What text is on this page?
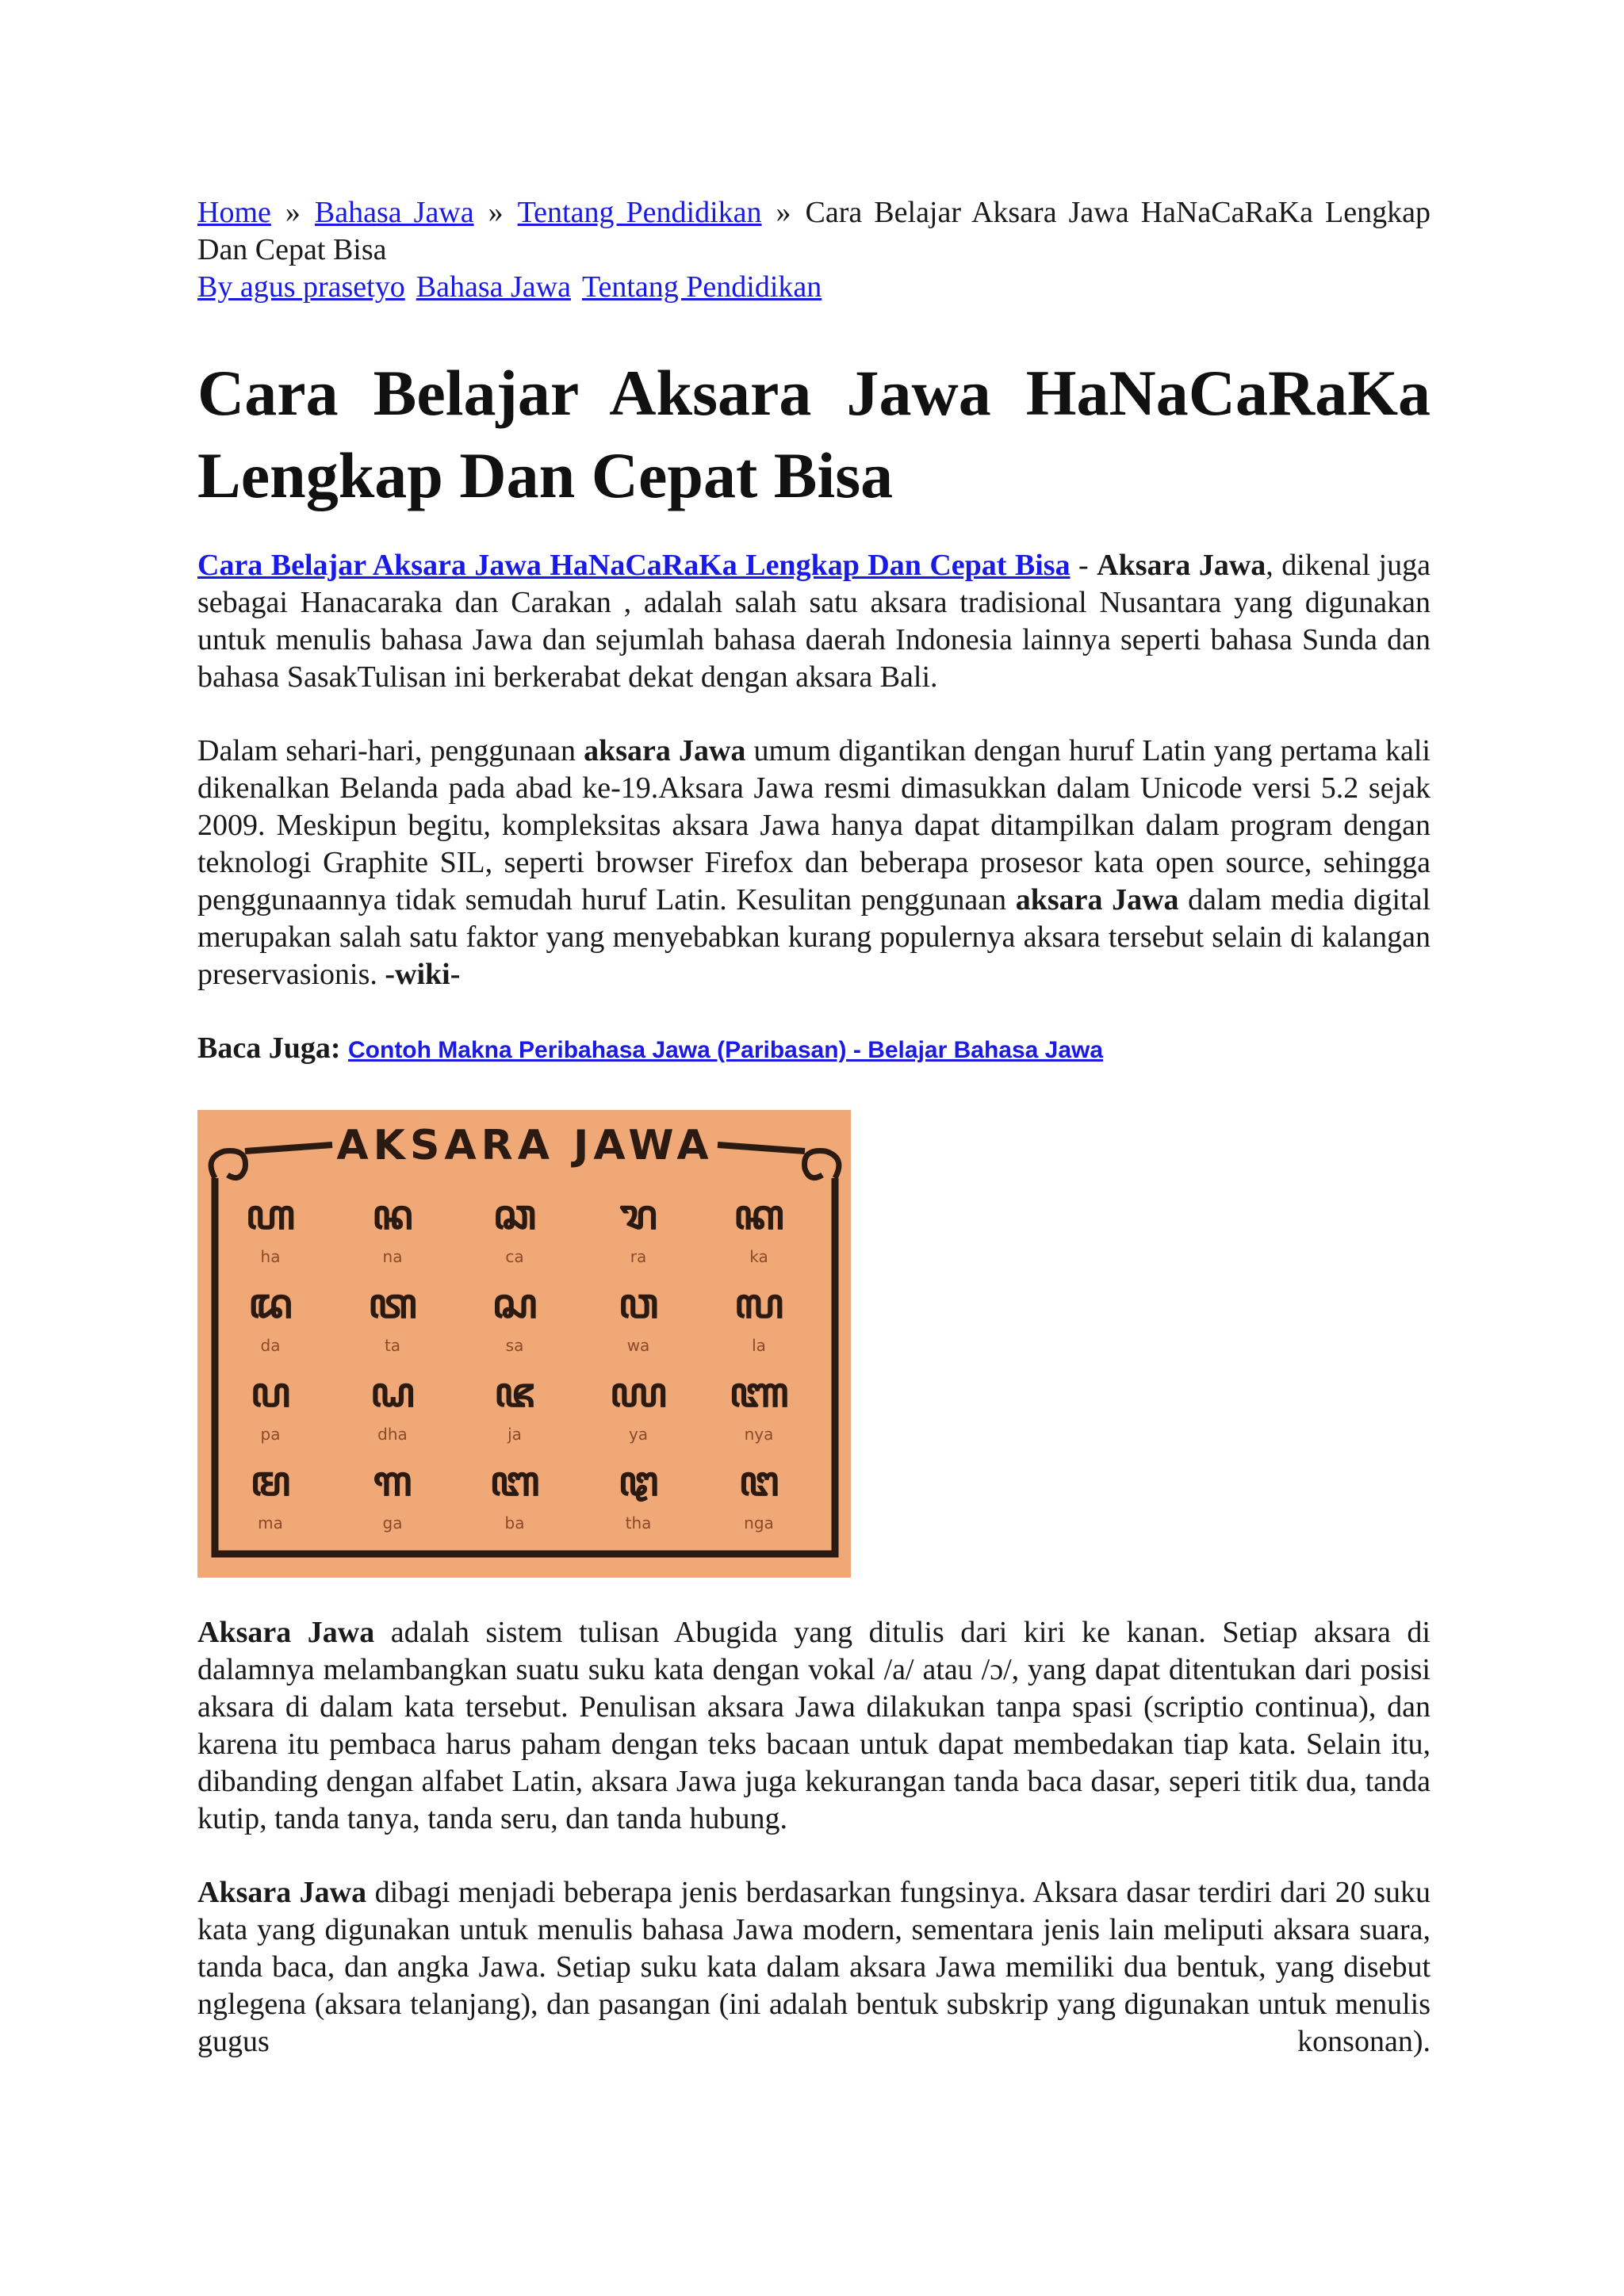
Home » Bahasa Jawa » Tentang Pendidikan » Cara Belajar Aksara Jawa HaNaCaRaKa Lengkap Dan Cepat Bisa
By agus prasetyo Bahasa Jawa Tentang Pendidikan
Cara Belajar Aksara Jawa HaNaCaRaKa Lengkap Dan Cepat Bisa

Cara Belajar Aksara Jawa HaNaCaRaKa Lengkap Dan Cepat Bisa - Aksara Jawa, dikenal juga sebagai Hanacaraka dan Carakan , adalah salah satu aksara tradisional Nusantara yang digunakan untuk menulis bahasa Jawa dan sejumlah bahasa daerah Indonesia lainnya seperti bahasa Sunda dan bahasa SasakTulisan ini berkerabat dekat dengan aksara Bali.

Dalam sehari-hari, penggunaan aksara Jawa umum digantikan dengan huruf Latin yang pertama kali dikenalkan Belanda pada abad ke-19.Aksara Jawa resmi dimasukkan dalam Unicode versi 5.2 sejak 2009. Meskipun begitu, kompleksitas aksara Jawa hanya dapat ditampilkan dalam program dengan teknologi Graphite SIL, seperti browser Firefox dan beberapa prosesor kata open source, sehingga penggunaannya tidak semudah huruf Latin. Kesulitan penggunaan aksara Jawa dalam media digital merupakan salah satu faktor yang menyebabkan kurang populernya aksara tersebut selain di kalangan preservasionis. -wiki-

Baca Juga: Contoh Makna Peribahasa Jawa (Paribasan) - Belajar Bahasa Jawa
AKSARA JAWA
ꦲ
ha
ꦤ
na
ꦕ
ca
ꦫ
ra
ꦏ
ka
ꦢ
da
ꦠ
ta
ꦱ
sa
ꦮ
wa
ꦭ
la
ꦥ
pa
ꦝ
dha
ꦗ
ja
ꦪ
ya
ꦚ
nya
ꦩ
ma
ꦒ
ga
ꦧ
ba
ꦛ
tha
ꦔ
nga

Aksara Jawa adalah sistem tulisan Abugida yang ditulis dari kiri ke kanan. Setiap aksara di dalamnya melambangkan suatu suku kata dengan vokal /a/ atau /ɔ/, yang dapat ditentukan dari posisi aksara di dalam kata tersebut. Penulisan aksara Jawa dilakukan tanpa spasi (scriptio continua), dan karena itu pembaca harus paham dengan teks bacaan untuk dapat membedakan tiap kata. Selain itu, dibanding dengan alfabet Latin, aksara Jawa juga kekurangan tanda baca dasar, seperi titik dua, tanda kutip, tanda tanya, tanda seru, dan tanda hubung.

Aksara Jawa dibagi menjadi beberapa jenis berdasarkan fungsinya. Aksara dasar terdiri dari 20 suku kata yang digunakan untuk menulis bahasa Jawa modern, sementara jenis lain meliputi aksara suara, tanda baca, dan angka Jawa. Setiap suku kata dalam aksara Jawa memiliki dua bentuk, yang disebut nglegena (aksara telanjang), dan pasangan (ini adalah bentuk subskrip yang digunakan untuk menulis gugus konsonan).
